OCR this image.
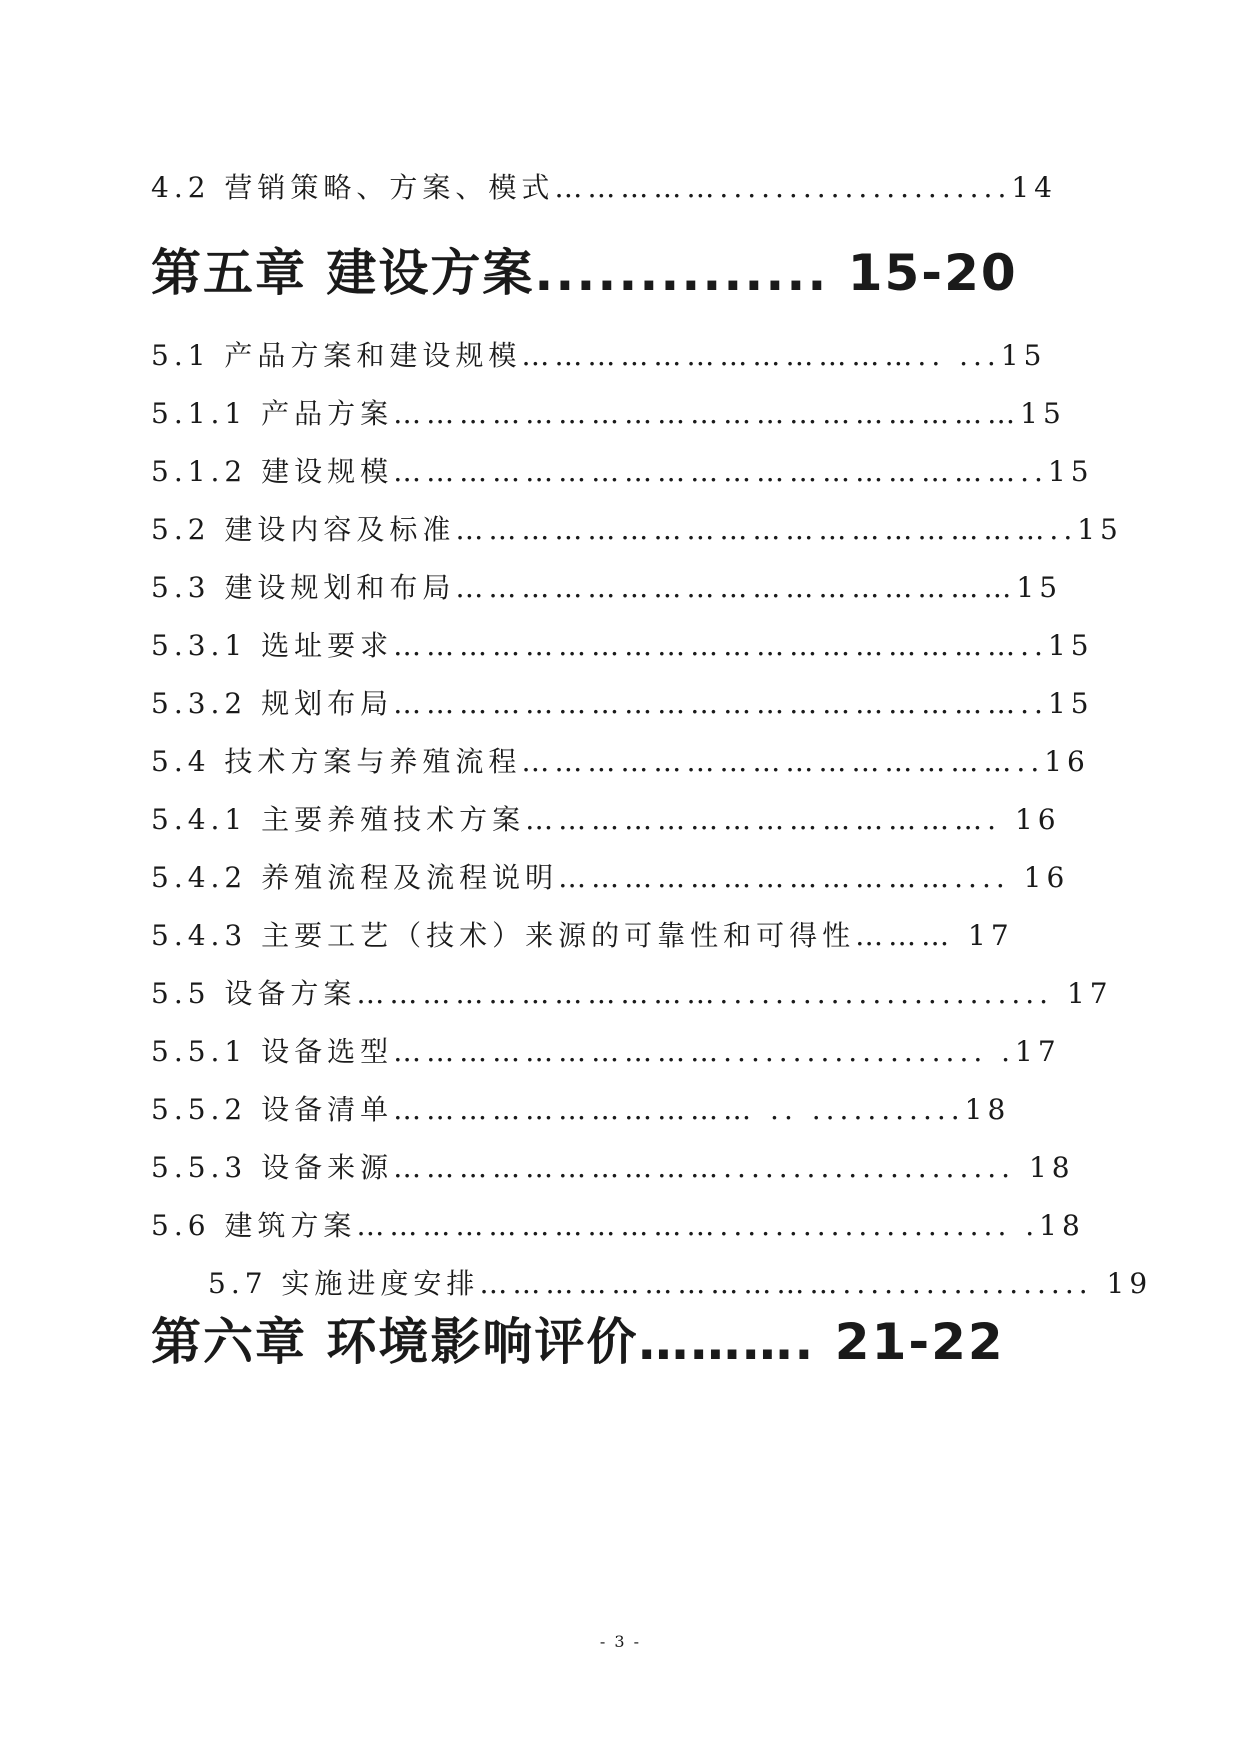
4.2 营销策略、方案、模式…………….....................14
第五章 建设方案.............. 15-20
5.1 产品方案和建设规模……………………………….. ...15
5.1.1 产品方案…………………………………………………15
5.1.2 建设规模…………………………………………………..15
5.2 建设内容及标准………………………………………………..15
5.3 建设规划和布局……………………………………………15
5.3.1 选址要求…………………………………………………..15
5.3.2 规划布局…………………………………………………..15
5.4 技术方案与养殖流程………………………………………..16
5.4.1 主要养殖技术方案……………………………………. 16
5.4.2 养殖流程及流程说明……………………………….... 16
5.4.3 主要工艺（技术）来源的可靠性和可得性……… 17
5.5 设备方案……………………………........................ 17
5.5.1 设备选型…………………………................... .17
5.5.2 设备清单…………………………… .. ...........18
5.5.3 设备来源…………………………..................... 18
5.6 建筑方案……………………………..................... .18
5.7 实施进度安排…………………………….................. 19
第六章 环境影响评价………. 21-22
- 3 -
